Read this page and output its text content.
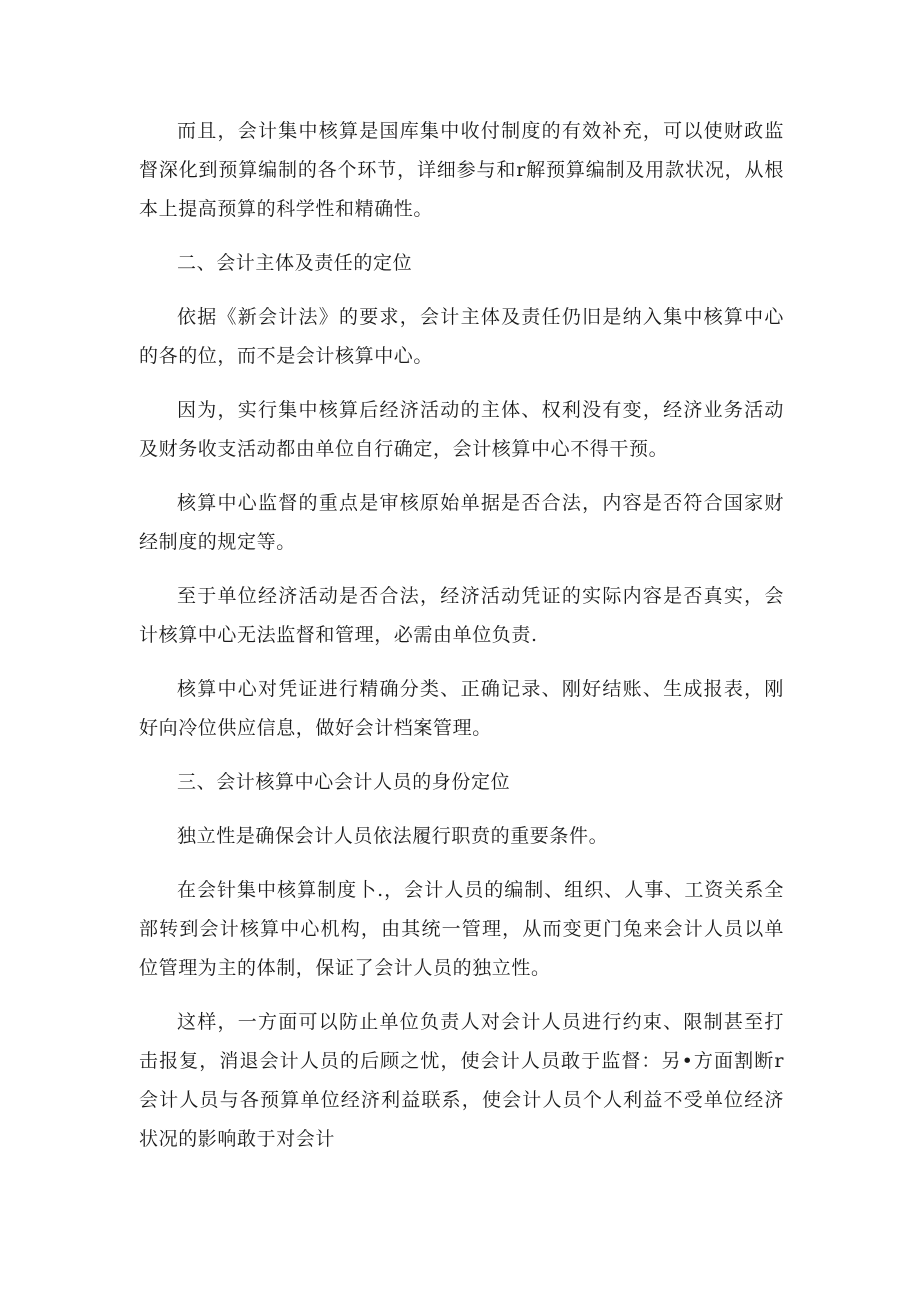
而且，会计集中核算是国库集中收付制度的有效补充，可以使财政监督深化到预算编制的各个环节，详细参与和r解预算编制及用款状况，从根本上提高预算的科学性和精确性。

二、会计主体及责任的定位

依据《新会计法》的要求，会计主体及责任仍旧是纳入集中核算中心的各的位，而不是会计核算中心。

因为，实行集中核算后经济活动的主体、权利没有变，经济业务活动及财务收支活动都由单位自行确定，会计核算中心不得干预。

核算中心监督的重点是审核原始单据是否合法，内容是否符合国家财经制度的规定等。

至于单位经济活动是否合法，经济活动凭证的实际内容是否真实，会计核算中心无法监督和管理，必需由单位负责.

核算中心对凭证进行精确分类、正确记录、刚好结账、生成报表，刚好向冷位供应信息，做好会计档案管理。

三、会计核算中心会计人员的身份定位

独立性是确保会计人员依法履行职贲的重要条件。

在会针集中核算制度卜.，会计人员的编制、组织、人事、工资关系全部转到会计核算中心机构，由其统一管理，从而变更门兔来会计人员以单位管理为主的体制，保证了会计人员的独立性。

这样，一方面可以防止单位负责人对会计人员进行约束、限制甚至打击报复，消退会计人员的后顾之忧，使会计人员敢于监督：另•方面割断r会计人员与各预算单位经济利益联系，使会计人员个人利益不受单位经济状况的影响敢于对会计
